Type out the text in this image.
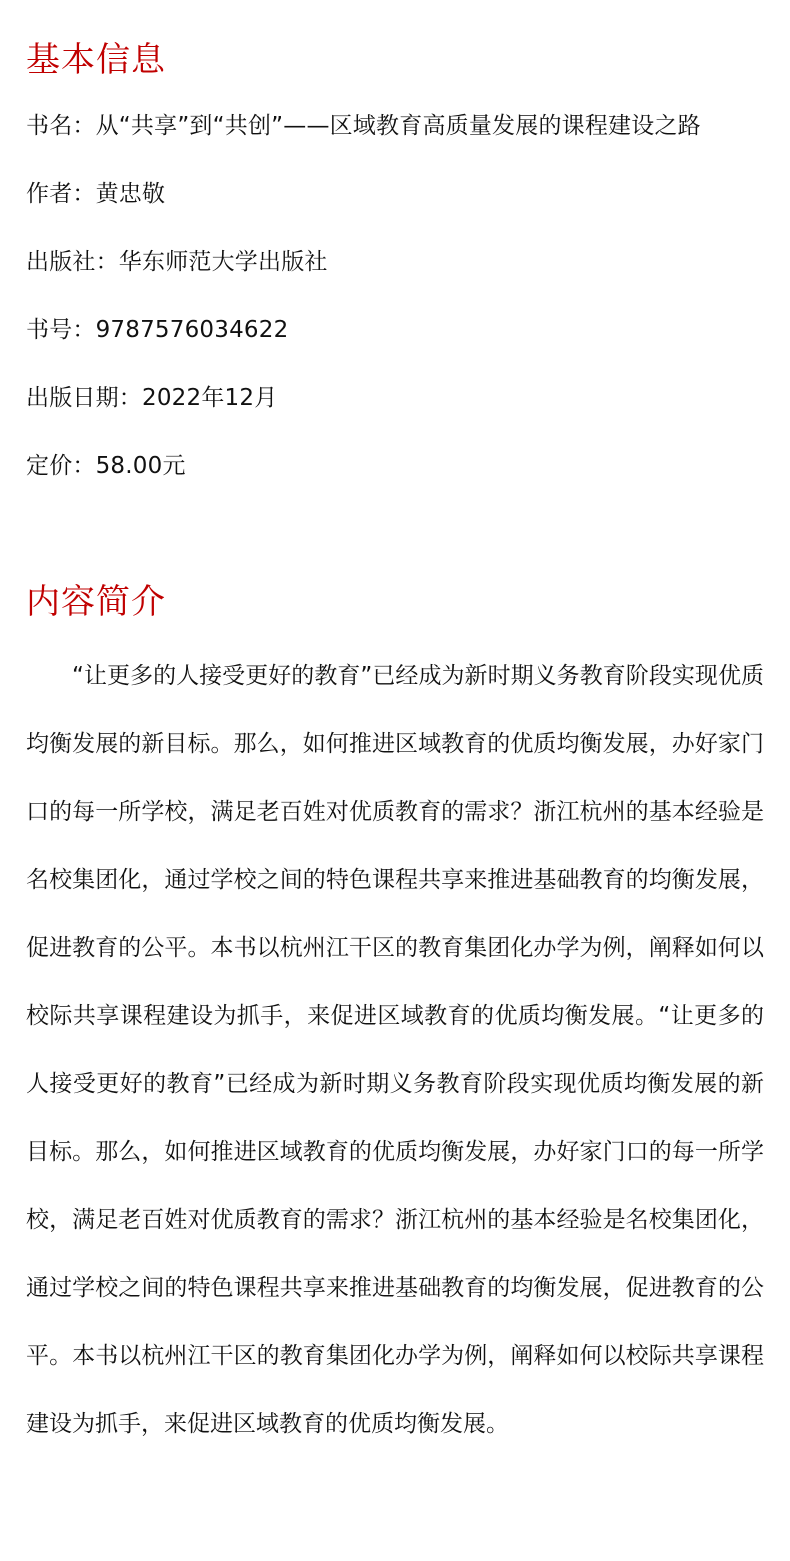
基本信息
书名：从“共享”到“共创”——区域教育高质量发展的课程建设之路
作者：黄忠敬
出版社：华东师范大学出版社
书号：9787576034622
出版日期：2022年12月
定价：58.00元
内容简介

“让更多的人接受更好的教育”已经成为新时期义务教育阶段实现优质均衡发展的新目标。那么，如何推进区域教育的优质均衡发展，办好家门口的每一所学校，满足老百姓对优质教育的需求？浙江杭州的基本经验是名校集团化，通过学校之间的特色课程共享来推进基础教育的均衡发展，促进教育的公平。本书以杭州江干区的教育集团化办学为例，阐释如何以校际共享课程建设为抓手，来促进区域教育的优质均衡发展。“让更多的人接受更好的教育”已经成为新时期义务教育阶段实现优质均衡发展的新目标。那么，如何推进区域教育的优质均衡发展，办好家门口的每一所学校，满足老百姓对优质教育的需求？浙江杭州的基本经验是名校集团化，通过学校之间的特色课程共享来推进基础教育的均衡发展，促进教育的公平。本书以杭州江干区的教育集团化办学为例，阐释如何以校际共享课程建设为抓手，来促进区域教育的优质均衡发展。
